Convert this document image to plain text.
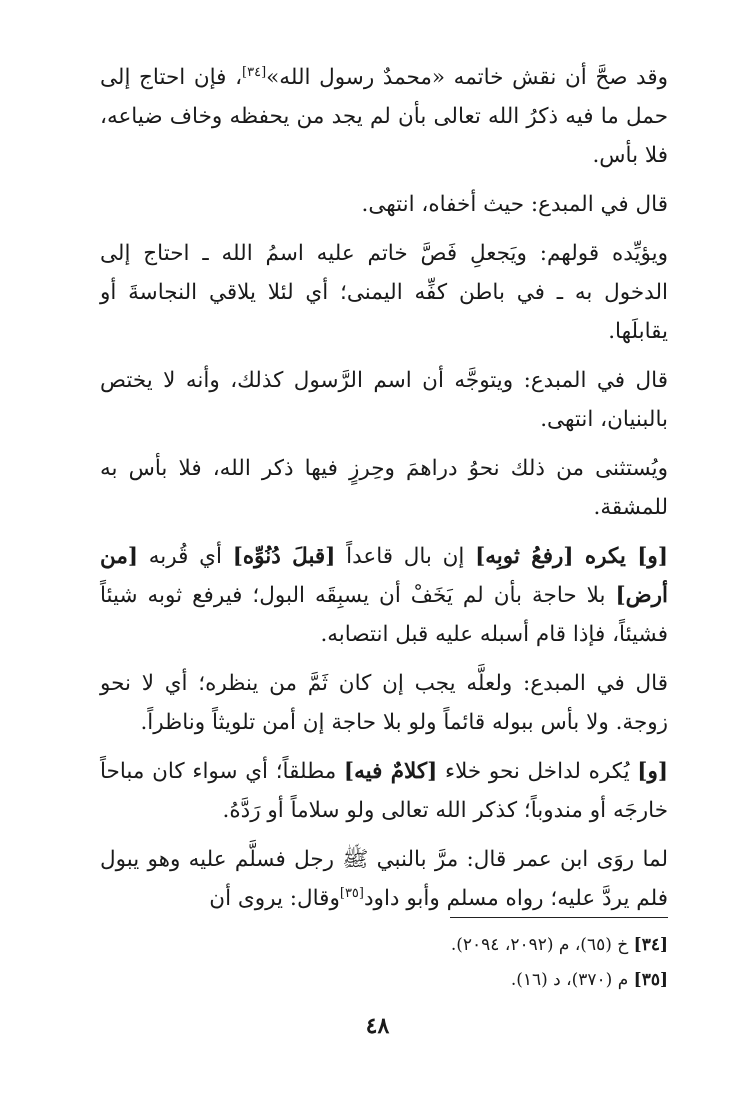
وقد صحَّ أن نقش خاتمه «محمدٌ رسول الله»[٣٤]، فإن احتاج إلى حمل ما فيه ذكرُ الله تعالى بأن لم يجد من يحفظه وخاف ضياعه، فلا بأس.

قال في المبدع: حيث أخفاه، انتهى.

ويؤيِّده قولهم: ويَجعلِ فَصَّ خاتم عليه اسمُ الله ـ احتاج إلى الدخول به ـ في باطن كفِّه اليمنى؛ أي لئلا يلاقي النجاسةَ أو يقابلَها.

قال في المبدع: ويتوجَّه أن اسم الرَّسول كذلك، وأنه لا يختص بالبنيان، انتهى.

ويُستثنى من ذلك نحوُ دراهمَ وحِرزٍ فيها ذكر الله، فلا بأس به للمشقة.

[و] يكره [رفعُ ثوبِه] إن بال قاعداً [قبلَ دُنُوِّه] أي قُربه [من أرض] بلا حاجة بأن لم يَخَفْ أن يسبِقَه البول؛ فيرفع ثوبه شيئاً فشيئاً، فإذا قام أسبله عليه قبل انتصابه.

قال في المبدع: ولعلَّه يجب إن كان ثَمَّ من ينظره؛ أي لا نحو زوجة. ولا بأس ببوله قائماً ولو بلا حاجة إن أمن تلويثاً وناظراً.

[و] يُكره لداخل نحو خلاء [كلامٌ فيه] مطلقاً؛ أي سواء كان مباحاً خارجَه أو مندوباً؛ كذكر الله تعالى ولو سلاماً أو رَدَّهُ.

لما روَى ابن عمر قال: مرَّ بالنبي ﷺ رجل فسلَّم عليه وهو يبول فلم يردَّ عليه؛ رواه مسلم وأبو داود[٣٥]وقال: يروى أن

[٣٤] خ (٦٥)، م (٢٠٩٢، ٢٠٩٤).
[٣٥] م (٣٧٠)، د (١٦).
٤٨
